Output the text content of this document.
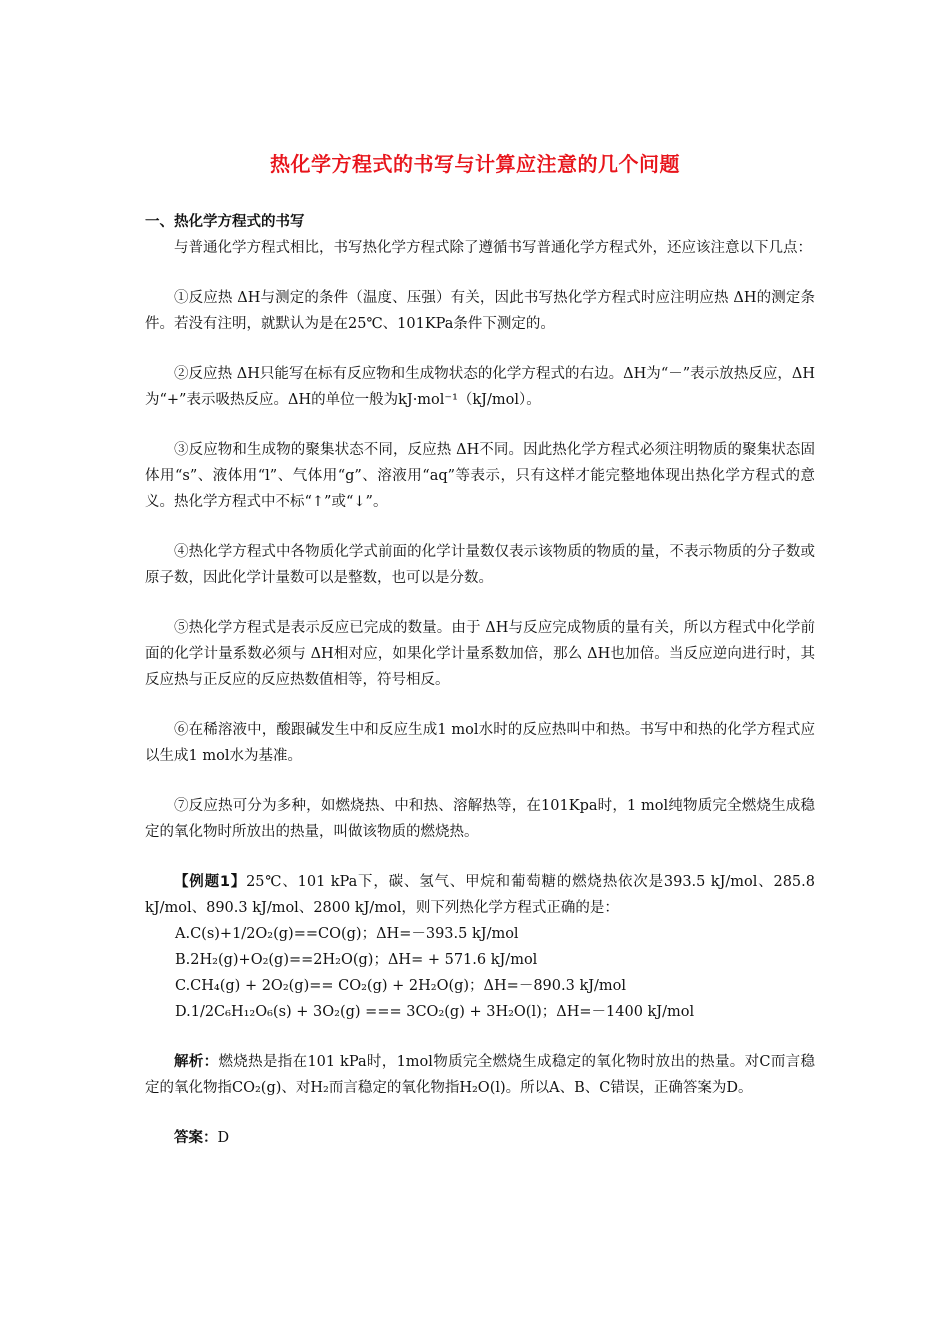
热化学方程式的书写与计算应注意的几个问题

一、热化学方程式的书写

与普通化学方程式相比，书写热化学方程式除了遵循书写普通化学方程式外，还应该注意以下几点：

①反应热 ΔH与测定的条件（温度、压强）有关，因此书写热化学方程式时应注明应热 ΔH的测定条件。若没有注明，就默认为是在25℃、101KPa条件下测定的。

②反应热 ΔH只能写在标有反应物和生成物状态的化学方程式的右边。ΔH为“－”表示放热反应，ΔH为“+”表示吸热反应。ΔH的单位一般为kJ·mol⁻¹（kJ/mol）。

③反应物和生成物的聚集状态不同，反应热 ΔH不同。因此热化学方程式必须注明物质的聚集状态固体用“s”、液体用“l”、气体用“g”、溶液用“aq”等表示，只有这样才能完整地体现出热化学方程式的意义。热化学方程式中不标“↑”或“↓”。

④热化学方程式中各物质化学式前面的化学计量数仅表示该物质的物质的量，不表示物质的分子数或原子数，因此化学计量数可以是整数，也可以是分数。

⑤热化学方程式是表示反应已完成的数量。由于 ΔH与反应完成物质的量有关，所以方程式中化学前面的化学计量系数必须与 ΔH相对应，如果化学计量系数加倍，那么 ΔH也加倍。当反应逆向进行时，其反应热与正反应的反应热数值相等，符号相反。

⑥在稀溶液中，酸跟碱发生中和反应生成1 mol水时的反应热叫中和热。书写中和热的化学方程式应以生成1 mol水为基准。

⑦反应热可分为多种，如燃烧热、中和热、溶解热等，在101Kpa时，1 mol纯物质完全燃烧生成稳定的氧化物时所放出的热量，叫做该物质的燃烧热。

【例题1】25℃、101 kPa下，碳、氢气、甲烷和葡萄糖的燃烧热依次是393.5 kJ/mol、285.8 kJ/mol、890.3 kJ/mol、2800 kJ/mol，则下列热化学方程式正确的是：

A.C(s)+1/2O₂(g)==CO(g)；ΔH=－393.5 kJ/mol

B.2H₂(g)+O₂(g)==2H₂O(g)；ΔH= + 571.6 kJ/mol

C.CH₄(g) + 2O₂(g)== CO₂(g) + 2H₂O(g)；ΔH=－890.3 kJ/mol

D.1/2C₆H₁₂O₆(s) + 3O₂(g) === 3CO₂(g) + 3H₂O(l)；ΔH=－1400 kJ/mol

解析：燃烧热是指在101 kPa时，1mol物质完全燃烧生成稳定的氧化物时放出的热量。对C而言稳定的氧化物指CO₂(g)、对H₂而言稳定的氧化物指H₂O(l)。所以A、B、C错误，正确答案为D。

答案：D
